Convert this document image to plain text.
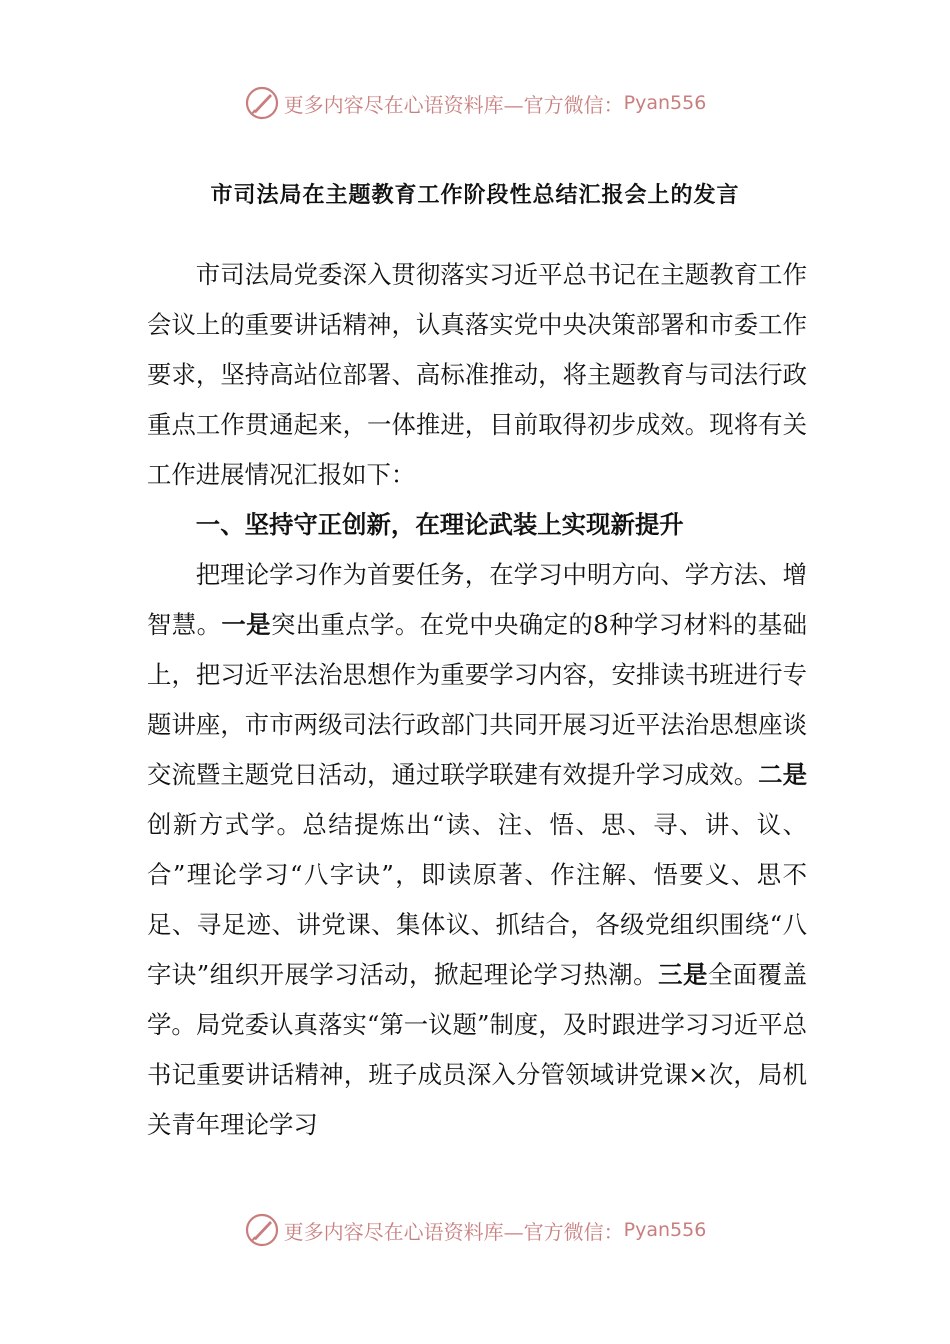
更多内容尽在心语资料库—官方微信： Pyan556
市司法局在主题教育工作阶段性总结汇报会上的发言

市司法局党委深入贯彻落实习近平总书记在主题教育工作会议上的重要讲话精神，认真落实党中央决策部署和市委工作要求，坚持高站位部署、高标准推动，将主题教育与司法行政重点工作贯通起来，一体推进，目前取得初步成效。现将有关工作进展情况汇报如下：

一、坚持守正创新，在理论武装上实现新提升

把理论学习作为首要任务，在学习中明方向、学方法、增智慧。一是突出重点学。在党中央确定的8种学习材料的基础上，把习近平法治思想作为重要学习内容，安排读书班进行专题讲座，市市两级司法行政部门共同开展习近平法治思想座谈交流暨主题党日活动，通过联学联建有效提升学习成效。二是创新方式学。总结提炼出“读、注、悟、思、寻、讲、议、合”理论学习“八字诀”，即读原著、作注解、悟要义、思不足、寻足迹、讲党课、集体议、抓结合，各级党组织围绕“八字诀”组织开展学习活动，掀起理论学习热潮。三是全面覆盖学。局党委认真落实“第一议题”制度，及时跟进学习习近平总书记重要讲话精神，班子成员深入分管领域讲党课×次，局机关青年理论学习

更多内容尽在心语资料库—官方微信： Pyan556
